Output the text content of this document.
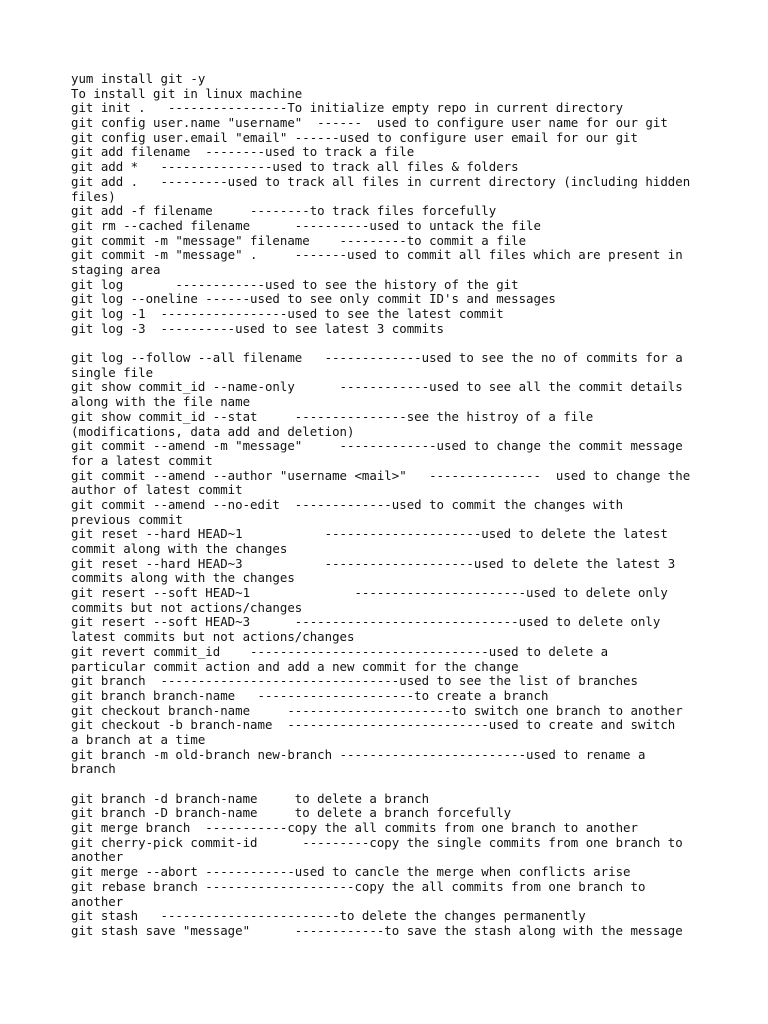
yum install git -y
To install git in linux machine
git init .   ----------------To initialize empty repo in current directory
git config user.name "username"  ------  used to configure user name for our git
git config user.email "email" ------used to configure user email for our git
git add filename  --------used to track a file
git add *   ---------------used to track all files & folders
git add .   ---------used to track all files in current directory (including hidden
files)
git add -f filename     --------to track files forcefully
git rm --cached filename      ----------used to untack the file
git commit -m "message" filename    ---------to commit a file
git commit -m "message" .     -------used to commit all files which are present in
staging area
git log       ------------used to see the history of the git
git log --oneline ------used to see only commit ID's and messages
git log -1  -----------------used to see the latest commit
git log -3  ----------used to see latest 3 commits
git log --follow --all filename   -------------used to see the no of commits for a
single file
git show commit_id --name-only      ------------used to see all the commit details
along with the file name
git show commit_id --stat     ---------------see the histroy of a file
(modifications, data add and deletion)
git commit --amend -m "message"     -------------used to change the commit message
for a latest commit
git commit --amend --author "username <mail>"   ---------------  used to change the
author of latest commit
git commit --amend --no-edit  -------------used to commit the changes with
previous commit
git reset --hard HEAD~1           ---------------------used to delete the latest
commit along with the changes
git reset --hard HEAD~3           --------------------used to delete the latest 3
commits along with the changes
git resert --soft HEAD~1              -----------------------used to delete only
commits but not actions/changes
git resert --soft HEAD~3      ------------------------------used to delete only
latest commits but not actions/changes
git revert commit_id    --------------------------------used to delete a
particular commit action and add a new commit for the change
git branch  --------------------------------used to see the list of branches
git branch branch-name   ---------------------to create a branch
git checkout branch-name     ----------------------to switch one branch to another
git checkout -b branch-name  ---------------------------used to create and switch
a branch at a time
git branch -m old-branch new-branch -------------------------used to rename a
branch
git branch -d branch-name     to delete a branch
git branch -D branch-name     to delete a branch forcefully
git merge branch  -----------copy the all commits from one branch to another
git cherry-pick commit-id      ---------copy the single commits from one branch to
another
git merge --abort ------------used to cancle the merge when conflicts arise
git rebase branch --------------------copy the all commits from one branch to
another
git stash   ------------------------to delete the changes permanently
git stash save "message"      ------------to save the stash along with the message
